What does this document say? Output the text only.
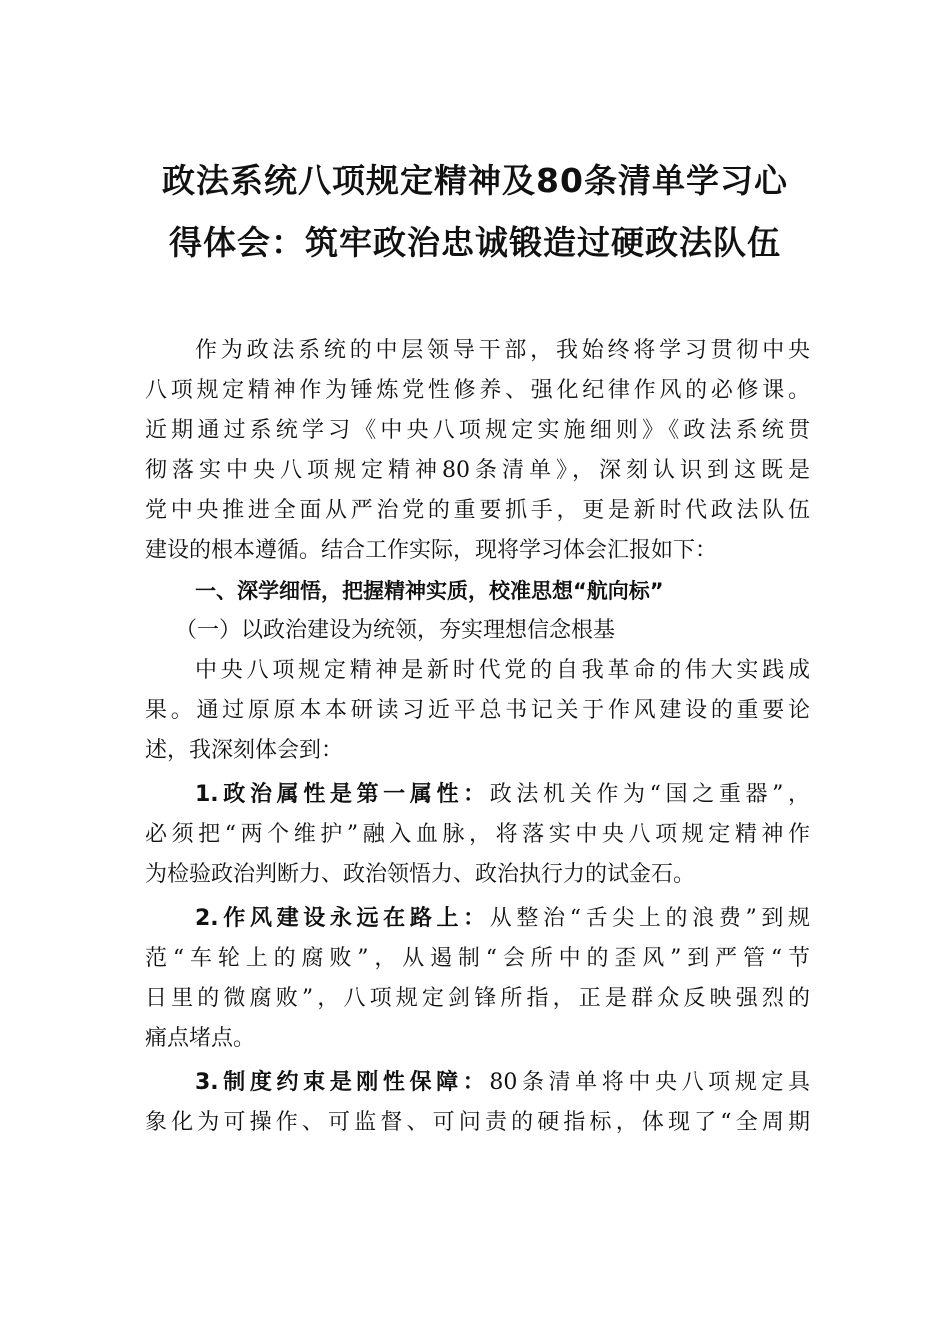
政法系统八项规定精神及80条清单学习心
得体会：筑牢政治忠诚锻造过硬政法队伍
作为政法系统的中层领导干部，我始终将学习贯彻中央
八项规定精神作为锤炼党性修养、强化纪律作风的必修课。
近期通过系统学习《中央八项规定实施细则》《政法系统贯
彻落实中央八项规定精神80条清单》，深刻认识到这既是
党中央推进全面从严治党的重要抓手，更是新时代政法队伍
建设的根本遵循。结合工作实际，现将学习体会汇报如下：
一、深学细悟，把握精神实质，校准思想“航向标”
（一）以政治建设为统领，夯实理想信念根基
中央八项规定精神是新时代党的自我革命的伟大实践成
果。通过原原本本研读习近平总书记关于作风建设的重要论
述，我深刻体会到：
1.政治属性是第一属性：政法机关作为“国之重器”，
必须把“两个维护”融入血脉，将落实中央八项规定精神作
为检验政治判断力、政治领悟力、政治执行力的试金石。
2.作风建设永远在路上：从整治“舌尖上的浪费”到规
范“车轮上的腐败”，从遏制“会所中的歪风”到严管“节
日里的微腐败”，八项规定剑锋所指，正是群众反映强烈的
痛点堵点。
3.制度约束是刚性保障：80条清单将中央八项规定具
象化为可操作、可监督、可问责的硬指标，体现了“全周期
